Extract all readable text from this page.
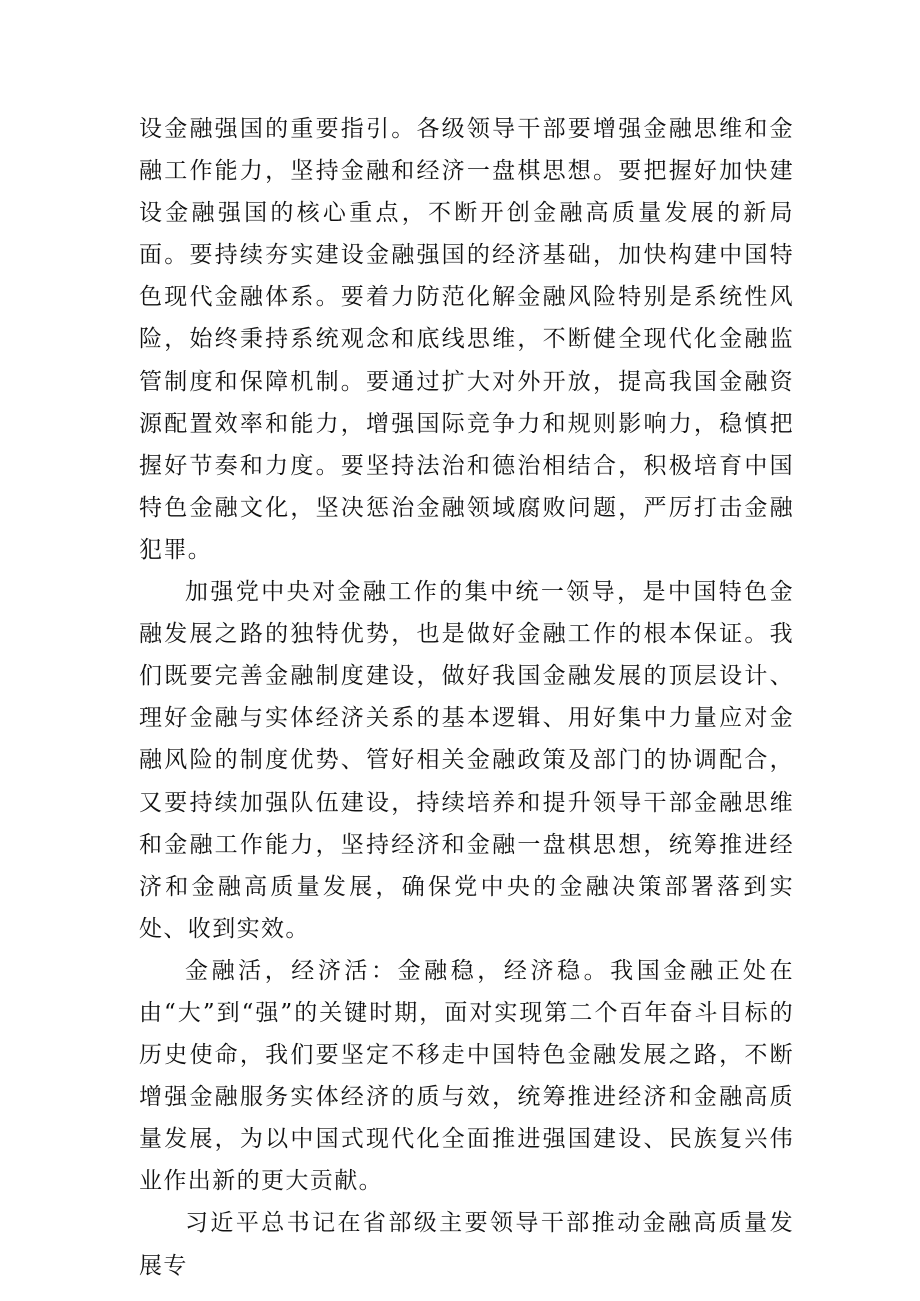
设金融强国的重要指引。各级领导干部要增强金融思维和金融工作能力，坚持金融和经济一盘棋思想。要把握好加快建设金融强国的核心重点，不断开创金融高质量发展的新局面。要持续夯实建设金融强国的经济基础，加快构建中国特色现代金融体系。要着力防范化解金融风险特别是系统性风险，始终秉持系统观念和底线思维，不断健全现代化金融监管制度和保障机制。要通过扩大对外开放，提高我国金融资源配置效率和能力，增强国际竞争力和规则影响力，稳慎把握好节奏和力度。要坚持法治和德治相结合，积极培育中国特色金融文化，坚决惩治金融领域腐败问题，严厉打击金融犯罪。

加强党中央对金融工作的集中统一领导，是中国特色金融发展之路的独特优势，也是做好金融工作的根本保证。我们既要完善金融制度建设，做好我国金融发展的顶层设计、理好金融与实体经济关系的基本逻辑、用好集中力量应对金融风险的制度优势、管好相关金融政策及部门的协调配合，又要持续加强队伍建设，持续培养和提升领导干部金融思维和金融工作能力，坚持经济和金融一盘棋思想，统筹推进经济和金融高质量发展，确保党中央的金融决策部署落到实处、收到实效。

金融活，经济活：金融稳，经济稳。我国金融正处在由“大”到“强”的关键时期，面对实现第二个百年奋斗目标的历史使命，我们要坚定不移走中国特色金融发展之路，不断增强金融服务实体经济的质与效，统筹推进经济和金融高质量发展，为以中国式现代化全面推进强国建设、民族复兴伟业作出新的更大贡献。

习近平总书记在省部级主要领导干部推动金融高质量发展专
